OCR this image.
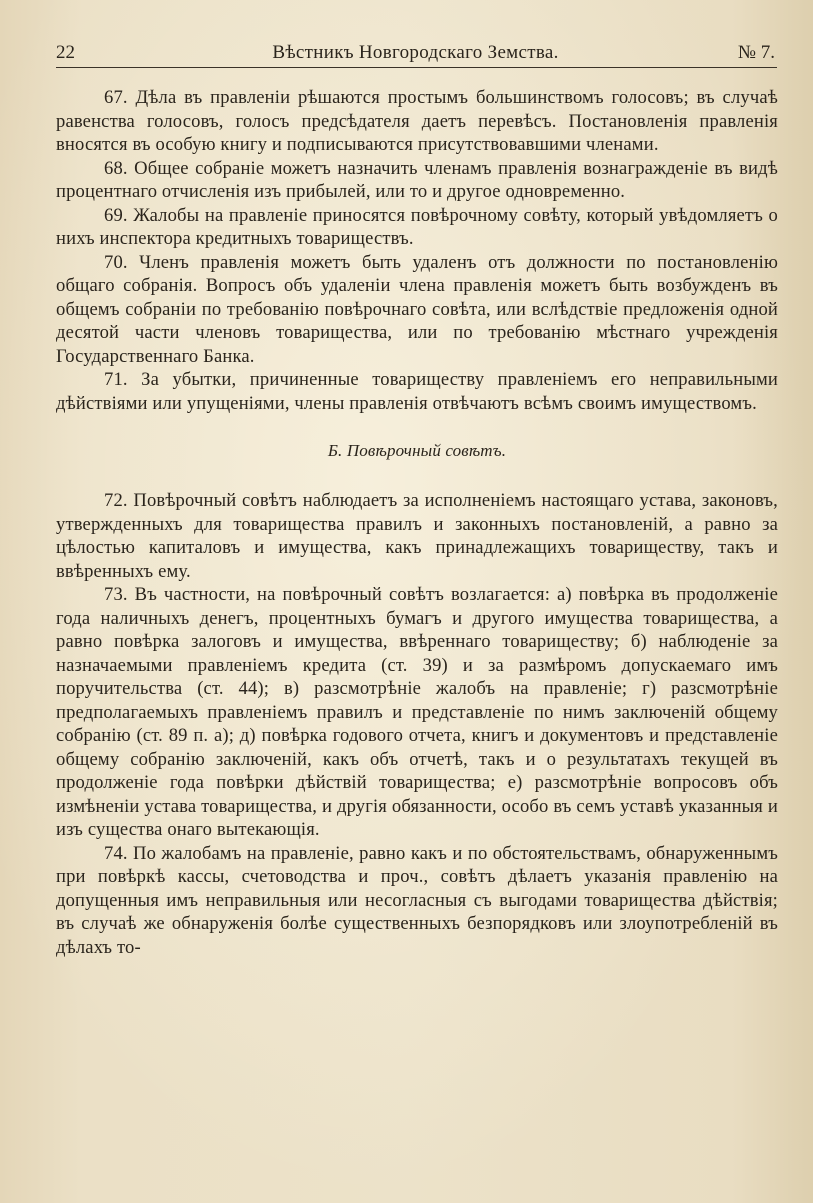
22	Вѣстникъ Новгородскаго Земства.	№ 7.

67. Дѣла въ правленіи рѣшаются простымъ большинствомъ голосовъ; въ случаѣ равенства голосовъ, голосъ предсѣдателя даетъ перевѣсъ. Постановленія правленія вносятся въ особую книгу и подписываются присутствовавшими членами.

68. Общее собраніе можетъ назначить членамъ правленія вознагражденіе въ видѣ процентнаго отчисленія изъ прибылей, или то и другое одновременно.

69. Жалобы на правленіе приносятся повѣрочному совѣту, который увѣдомляетъ о нихъ инспектора кредитныхъ товариществъ.

70. Членъ правленія можетъ быть удаленъ отъ должности по постановленію общаго собранія. Вопросъ объ удаленіи члена правленія можетъ быть возбужденъ въ общемъ собраніи по требованію повѣрочнаго совѣта, или вслѣдствіе предложенія одной десятой части членовъ товарищества, или по требованію мѣстнаго учрежденія Государственнаго Банка.

71. За убытки, причиненные товариществу правленіемъ его неправильными дѣйствіями или упущеніями, члены правленія отвѣчаютъ всѣмъ своимъ имуществомъ.

Б. Повѣрочный совѣтъ.

72. Повѣрочный совѣтъ наблюдаетъ за исполненіемъ настоящаго устава, законовъ, утвержденныхъ для товарищества правилъ и законныхъ постановленій, а равно за цѣлостью капиталовъ и имущества, какъ принадлежащихъ товариществу, такъ и ввѣренныхъ ему.

73. Въ частности, на повѣрочный совѣтъ возлагается: а) повѣрка въ продолженіе года наличныхъ денегъ, процентныхъ бумагъ и другого имущества товарищества, а равно повѣрка залоговъ и имущества, ввѣреннаго товариществу; б) наблюденіе за назначаемыми правленіемъ кредита (ст. 39) и за размѣромъ допускаемаго имъ поручительства (ст. 44); в) разсмотрѣніе жалобъ на правленіе; г) разсмотрѣніе предполагаемыхъ правленіемъ правилъ и представленіе по нимъ заключеній общему собранію (ст. 89 п. а); д) повѣрка годового отчета, книгъ и документовъ и представленіе общему собранію заключеній, какъ объ отчетѣ, такъ и о результатахъ текущей въ продолженіе года повѣрки дѣйствій товарищества; е) разсмотрѣніе вопросовъ объ измѣненіи устава товарищества, и другія обязанности, особо въ семъ уставѣ указанныя и изъ существа онаго вытекающія.

74. По жалобамъ на правленіе, равно какъ и по обстоятельствамъ, обнаруженнымъ при повѣркѣ кассы, счетоводства и проч., совѣтъ дѣлаетъ указанія правленію на допущенныя имъ неправильныя или несогласныя съ выгодами товарищества дѣйствія; въ случаѣ же обнаруженія болѣе существенныхъ безпорядковъ или злоупотребленій въ дѣлахъ то-
